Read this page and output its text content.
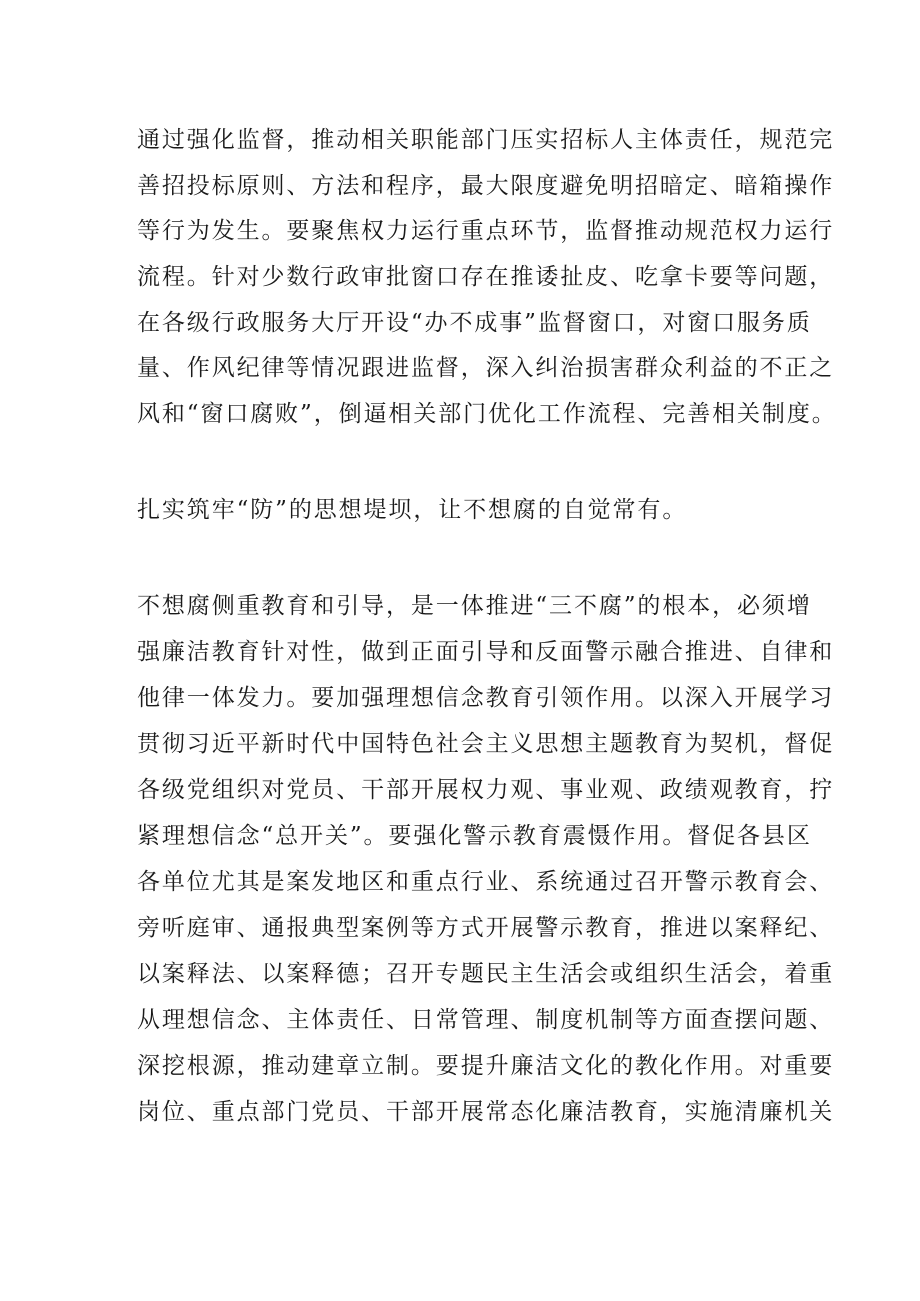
通过强化监督，推动相关职能部门压实招标人主体责任，规范完
善招投标原则、方法和程序，最大限度避免明招暗定、暗箱操作
等行为发生。要聚焦权力运行重点环节，监督推动规范权力运行
流程。针对少数行政审批窗口存在推诿扯皮、吃拿卡要等问题，
在各级行政服务大厅开设“办不成事”监督窗口，对窗口服务质
量、作风纪律等情况跟进监督，深入纠治损害群众利益的不正之
风和“窗口腐败”，倒逼相关部门优化工作流程、完善相关制度。
扎实筑牢“防”的思想堤坝，让不想腐的自觉常有。
不想腐侧重教育和引导，是一体推进“三不腐”的根本，必须增
强廉洁教育针对性，做到正面引导和反面警示融合推进、自律和
他律一体发力。要加强理想信念教育引领作用。以深入开展学习
贯彻习近平新时代中国特色社会主义思想主题教育为契机，督促
各级党组织对党员、干部开展权力观、事业观、政绩观教育，拧
紧理想信念“总开关”。要强化警示教育震慑作用。督促各县区
各单位尤其是案发地区和重点行业、系统通过召开警示教育会、
旁听庭审、通报典型案例等方式开展警示教育，推进以案释纪、
以案释法、以案释德；召开专题民主生活会或组织生活会，着重
从理想信念、主体责任、日常管理、制度机制等方面查摆问题、
深挖根源，推动建章立制。要提升廉洁文化的教化作用。对重要
岗位、重点部门党员、干部开展常态化廉洁教育，实施清廉机关
